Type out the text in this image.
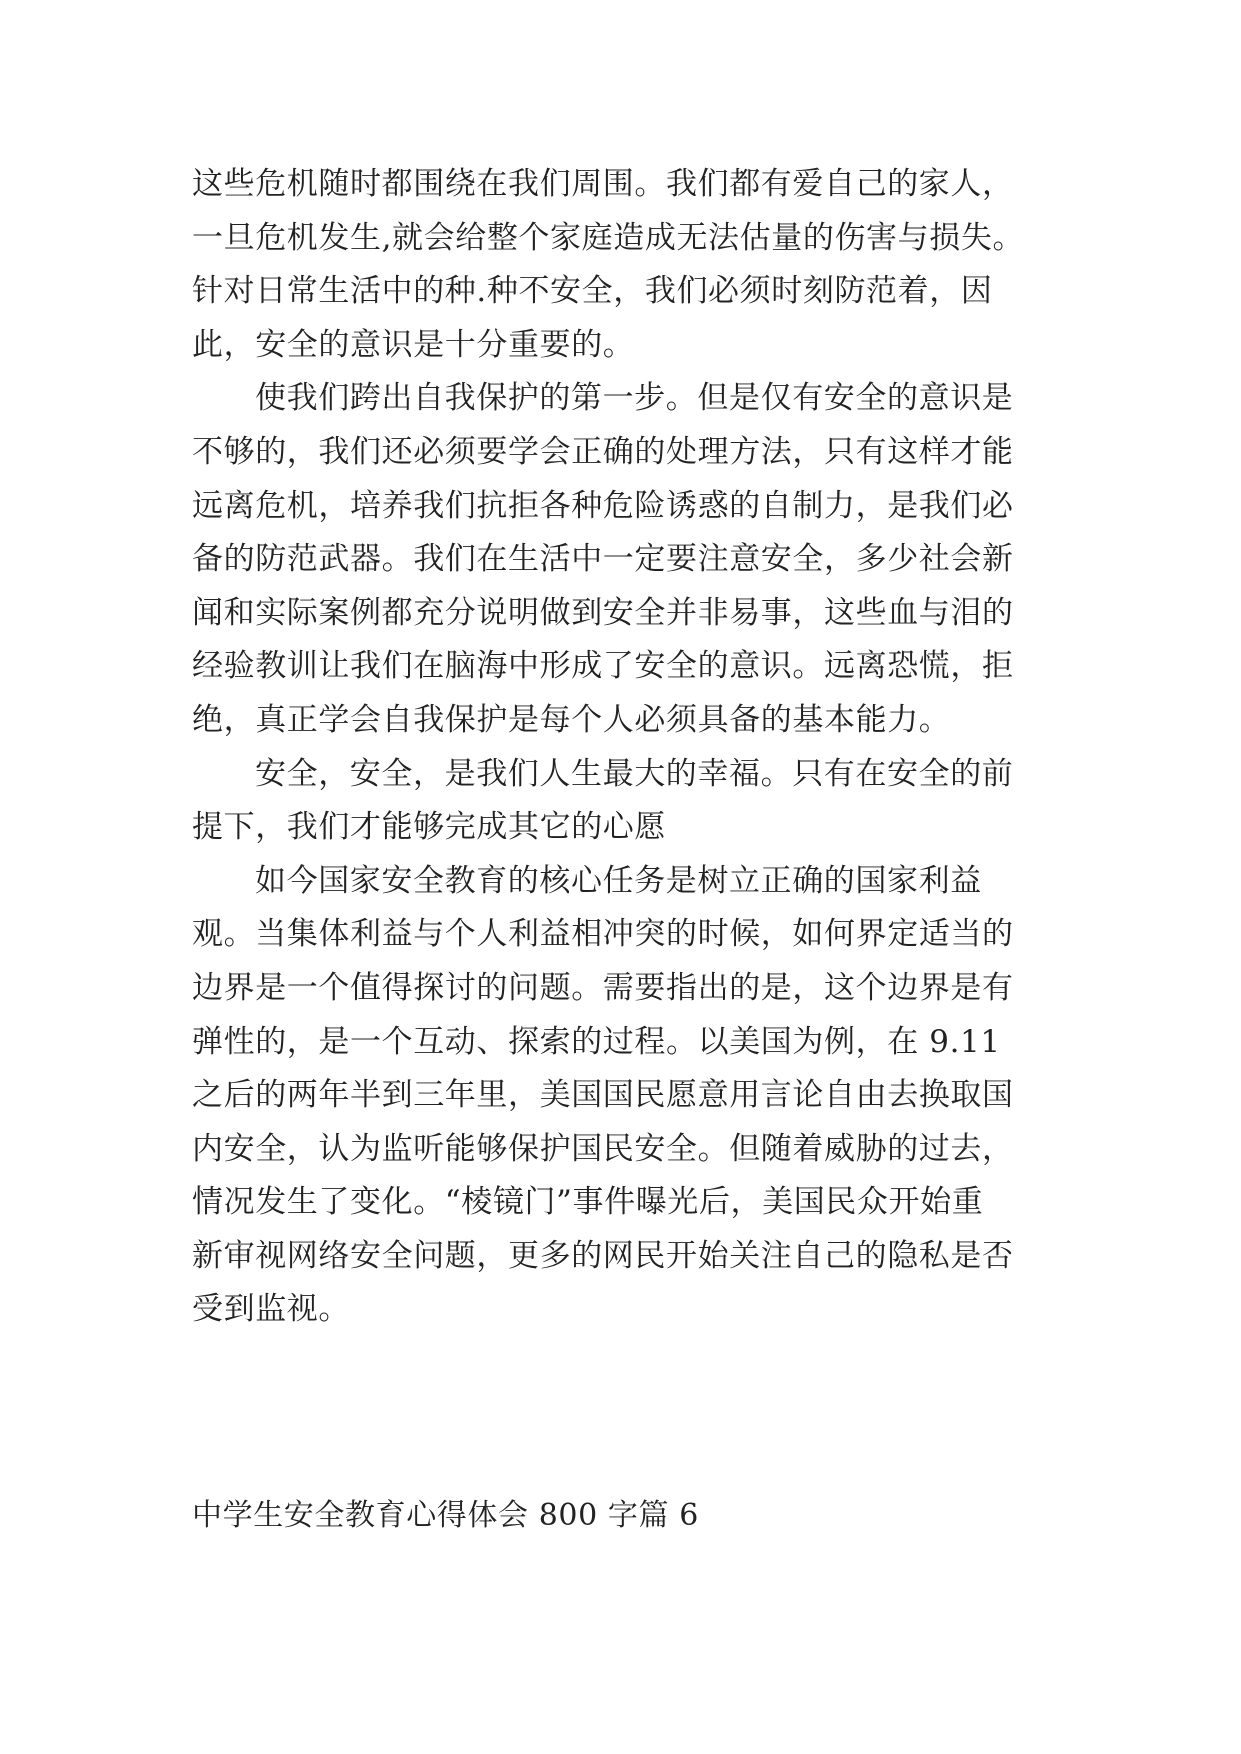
这些危机随时都围绕在我们周围。我们都有爱自己的家人，
一旦危机发生,就会给整个家庭造成无法估量的伤害与损失。
针对日常生活中的种.种不安全，我们必须时刻防范着，因
此，安全的意识是十分重要的。
使我们跨出自我保护的第一步。但是仅有安全的意识是
不够的，我们还必须要学会正确的处理方法，只有这样才能
远离危机，培养我们抗拒各种危险诱惑的自制力，是我们必
备的防范武器。我们在生活中一定要注意安全，多少社会新
闻和实际案例都充分说明做到安全并非易事，这些血与泪的
经验教训让我们在脑海中形成了安全的意识。远离恐慌，拒
绝，真正学会自我保护是每个人必须具备的基本能力。
安全，安全，是我们人生最大的幸福。只有在安全的前
提下，我们才能够完成其它的心愿
如今国家安全教育的核心任务是树立正确的国家利益
观。当集体利益与个人利益相冲突的时候，如何界定适当的
边界是一个值得探讨的问题。需要指出的是，这个边界是有
弹性的，是一个互动、探索的过程。以美国为例，在 9.11
之后的两年半到三年里，美国国民愿意用言论自由去换取国
内安全，认为监听能够保护国民安全。但随着威胁的过去，
情况发生了变化。“棱镜门”事件曝光后，美国民众开始重
新审视网络安全问题，更多的网民开始关注自己的隐私是否
受到监视。
中学生安全教育心得体会 800 字篇 6
